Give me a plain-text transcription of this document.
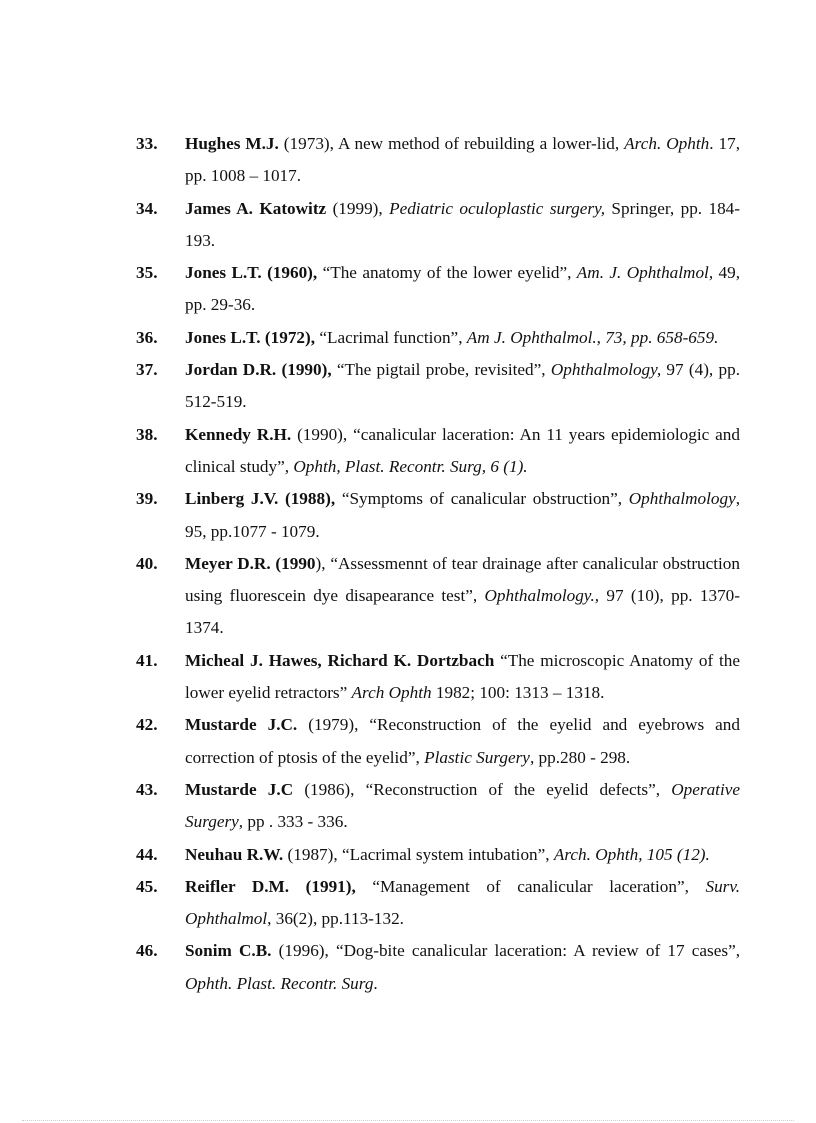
33.	Hughes M.J. (1973), A new method of rebuilding a lower-lid, Arch. Ophth. 17, pp. 1008 – 1017.
34.	James A. Katowitz (1999), Pediatric oculoplastic surgery, Springer, pp. 184-193.
35.	Jones L.T. (1960), “The anatomy of the lower eyelid”, Am. J. Ophthalmol, 49, pp. 29-36.
36.	Jones L.T. (1972), “Lacrimal function”, Am J. Ophthalmol., 73, pp. 658-659.
37.	Jordan D.R. (1990), “The pigtail probe, revisited”, Ophthalmology, 97 (4), pp. 512-519.
38.	Kennedy R.H. (1990), “canalicular laceration: An 11 years epidemiologic and clinical study”, Ophth, Plast. Recontr. Surg, 6 (1).
39.	Linberg J.V. (1988), “Symptoms of canalicular obstruction”, Ophthalmology, 95, pp.1077 - 1079.
40.	Meyer D.R. (1990), “Assessmennt of tear drainage after canalicular obstruction using fluorescein dye disapearance test”, Ophthalmology., 97 (10), pp. 1370-1374.
41.	Micheal J. Hawes, Richard K. Dortzbach “The microscopic Anatomy of the lower eyelid retractors” Arch Ophth 1982; 100: 1313 – 1318.
42.	Mustarde J.C. (1979), “Reconstruction of the eyelid and eyebrows and correction of ptosis of the eyelid”, Plastic Surgery, pp.280 - 298.
43.	Mustarde J.C (1986), “Reconstruction of the eyelid defects”, Operative Surgery, pp . 333 - 336.
44.	Neuhau R.W. (1987), “Lacrimal system intubation”, Arch. Ophth, 105 (12).
45.	Reifler D.M. (1991), “Management of canalicular laceration”, Surv. Ophthalmol, 36(2), pp.113-132.
46.	Sonim C.B. (1996), “Dog-bite canalicular laceration: A review of 17 cases”, Ophth. Plast. Recontr. Surg.
